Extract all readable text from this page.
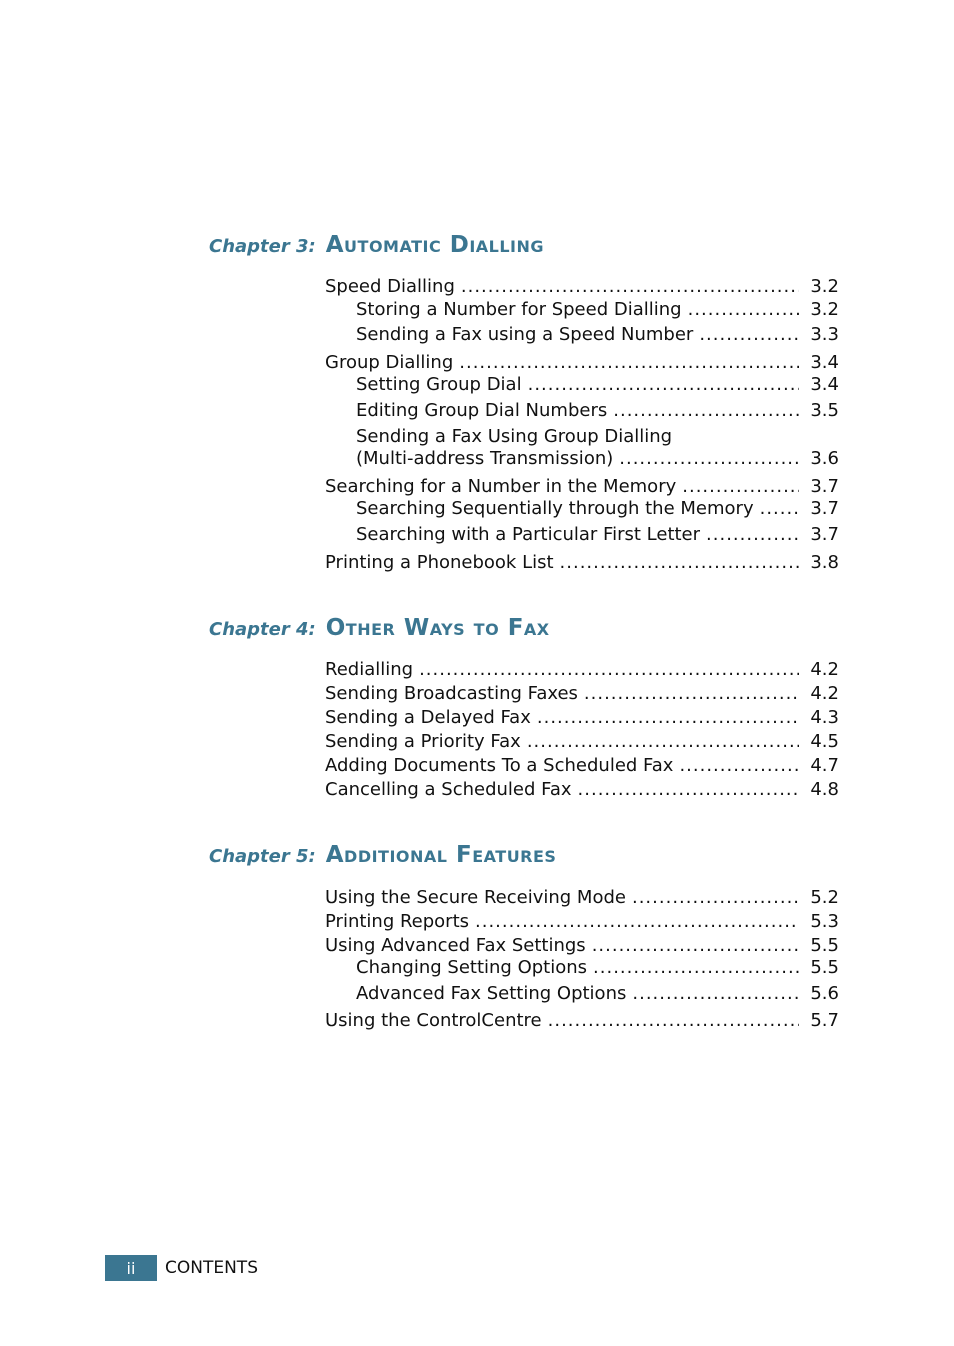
Chapter 3: Automatic Dialling
Speed Dialling .....	3.2
Storing a Number for Speed Dialling .....	3.2
Sending a Fax using a Speed Number .....	3.3
Group Dialling .....	3.4
Setting Group Dial .....	3.4
Editing Group Dial Numbers .....	3.5
Sending a Fax Using Group Dialling
(Multi-address Transmission) .....	3.6
Searching for a Number in the Memory .....	3.7
Searching Sequentially through the Memory .....	3.7
Searching with a Particular First Letter .....	3.7
Printing a Phonebook List .....	3.8
Chapter 4: Other Ways to Fax
Redialling .....	4.2
Sending Broadcasting Faxes .....	4.2
Sending a Delayed Fax .....	4.3
Sending a Priority Fax .....	4.5
Adding Documents To a Scheduled Fax .....	4.7
Cancelling a Scheduled Fax .....	4.8
Chapter 5: Additional Features
Using the Secure Receiving Mode .....	5.2
Printing Reports .....	5.3
Using Advanced Fax Settings .....	5.5
Changing Setting Options .....	5.5
Advanced Fax Setting Options .....	5.6
Using the ControlCentre .....	5.7
ii	CONTENTS
